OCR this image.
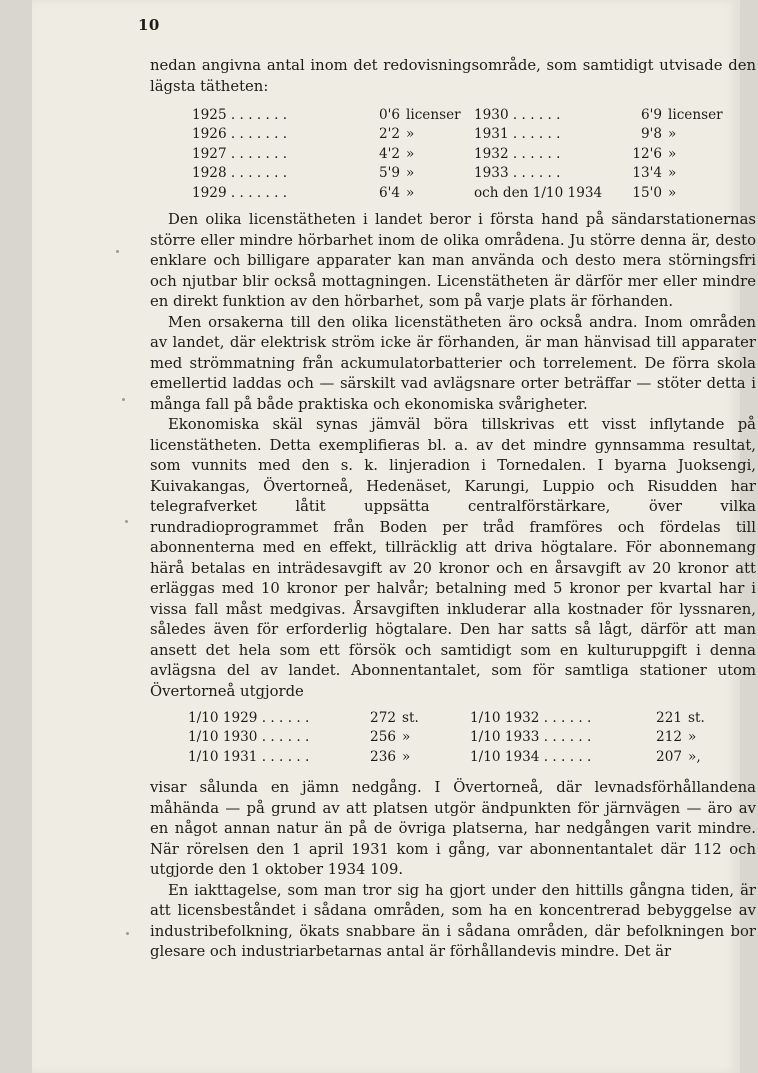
10

nedan angivna antal inom det redovisningsområde, som samtidigt utvisade den lägsta tätheten:

1925 . . . . . . .	0'6 licenser 1930 . . . . . .	6'9 licenser
1926 . . . . . . .	2'2 »	1931 . . . . . .	9'8 »
1927 . . . . . . .	4'2 »	1932 . . . . . .	12'6 »
1928 . . . . . . .	5'9 »	1933 . . . . . .	13'4 »
1929 . . . . . . .	6'4 »	och den 1/10 1934	15'0 »

Den olika licenstätheten i landet beror i första hand på sändarstationernas större eller mindre hörbarhet inom de olika områdena. Ju större denna är, desto enklare och billigare apparater kan man använda och desto mera störningsfri och njutbar blir också mottagningen. Licenstätheten är därför mer eller mindre en direkt funktion av den hörbarhet, som på varje plats är förhanden.

Men orsakerna till den olika licenstätheten äro också andra. Inom områden av landet, där elektrisk ström icke är förhanden, är man hänvisad till apparater med strömmatning från ackumulatorbatterier och torrelement. De förra skola emellertid laddas och — särskilt vad avlägsnare orter beträffar — stöter detta i många fall på både praktiska och ekonomiska svårigheter.

Ekonomiska skäl synas jämväl böra tillskrivas ett visst inflytande på licenstätheten. Detta exemplifieras bl. a. av det mindre gynnsamma resultat, som vunnits med den s. k. linjeradion i Tornedalen. I byarna Juoksengi, Kuivakangas, Övertorneå, Hedenäset, Karungi, Luppio och Risudden har telegrafverket låtit uppsätta centralförstärkare, över vilka rundradioprogrammet från Boden per tråd framföres och fördelas till abonnenterna med en effekt, tillräcklig att driva högtalare. För abonnemang härå betalas en inträdesavgift av 20 kronor och en årsavgift av 20 kronor att erläggas med 10 kronor per halvår; betalning med 5 kronor per kvartal har i vissa fall måst medgivas. Årsavgiften inkluderar alla kostnader för lyssnaren, således även för erforderlig högtalare. Den har satts så lågt, därför att man ansett det hela som ett försök och samtidigt som en kulturuppgift i denna avlägsna del av landet. Abonnentantalet, som för samtliga stationer utom Övertorneå utgjorde

1/10 1929 . . . . . .	272 st.	1/10 1932 . . . . . .	221 st.
1/10 1930 . . . . . .	256 »	1/10 1933 . . . . . .	212 »
1/10 1931 . . . . . .	236 »	1/10 1934 . . . . . .	207 »,

visar sålunda en jämn nedgång. I Övertorneå, där levnadsförhållandena måhända — på grund av att platsen utgör ändpunkten för järnvägen — äro av en något annan natur än på de övriga platserna, har nedgången varit mindre. När rörelsen den 1 april 1931 kom i gång, var abonnentantalet där 112 och utgjorde den 1 oktober 1934 109.

En iakttagelse, som man tror sig ha gjort under den hittills gångna tiden, är att licensbeståndet i sådana områden, som ha en koncentrerad bebyggelse av industribefolkning, ökats snabbare än i sådana områden, där befolkningen bor glesare och industriarbetarnas antal är förhållandevis mindre. Det är
